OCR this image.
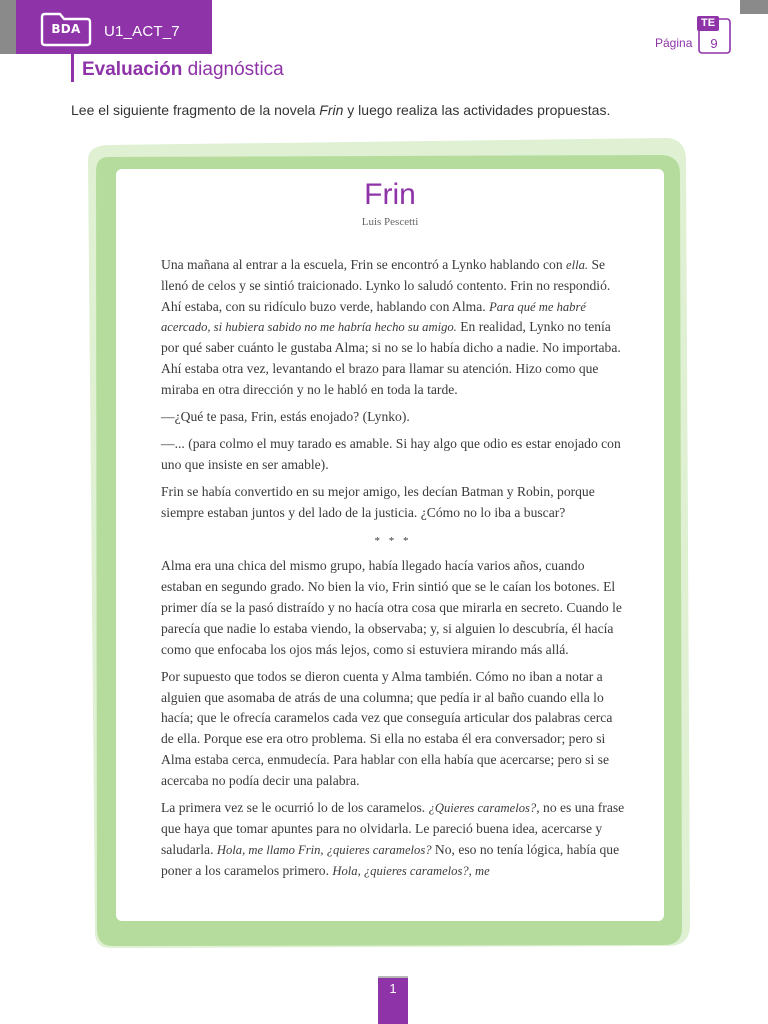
BDA	U1_ACT_7
Página
TE
9
Evaluación diagnóstica
Lee el siguiente fragmento de la novela Frin y luego realiza las actividades propuestas.
Frin
Luis Pescetti

Una mañana al entrar a la escuela, Frin se encontró a Lynko hablando con ella. Se llenó de celos y se sintió traicionado. Lynko lo saludó contento. Frin no respondió. Ahí estaba, con su ridículo buzo verde, hablando con Alma. Para qué me habré acercado, si hubiera sabido no me habría hecho su amigo. En realidad, Lynko no tenía por qué saber cuánto le gustaba Alma; si no se lo había dicho a nadie. No importaba. Ahí estaba otra vez, levantando el brazo para llamar su atención. Hizo como que miraba en otra dirección y no le habló en toda la tarde.

—¿Qué te pasa, Frin, estás enojado? (Lynko).

—... (para colmo el muy tarado es amable. Si hay algo que odio es estar enojado con uno que insiste en ser amable).

Frin se había convertido en su mejor amigo, les decían Batman y Robin, porque siempre estaban juntos y del lado de la justicia. ¿Cómo no lo iba a buscar?

* * *

Alma era una chica del mismo grupo, había llegado hacía varios años, cuando estaban en segundo grado. No bien la vio, Frin sintió que se le caían los botones. El primer día se la pasó distraído y no hacía otra cosa que mirarla en secreto. Cuando le parecía que nadie lo estaba viendo, la observaba; y, si alguien lo descubría, él hacía como que enfocaba los ojos más lejos, como si estuviera mirando más allá.

Por supuesto que todos se dieron cuenta y Alma también. Cómo no iban a notar a alguien que asomaba de atrás de una columna; que pedía ir al baño cuando ella lo hacía; que le ofrecía caramelos cada vez que conseguía articular dos palabras cerca de ella. Porque ese era otro problema. Si ella no estaba él era conversador; pero si Alma estaba cerca, enmudecía. Para hablar con ella había que acercarse; pero si se acercaba no podía decir una palabra.

La primera vez se le ocurrió lo de los caramelos. ¿Quieres caramelos?, no es una frase que haya que tomar apuntes para no olvidarla. Le pareció buena idea, acercarse y saludarla. Hola, me llamo Frin, ¿quieres caramelos? No, eso no tenía lógica, había que poner a los caramelos primero. Hola, ¿quieres caramelos?, me

1
